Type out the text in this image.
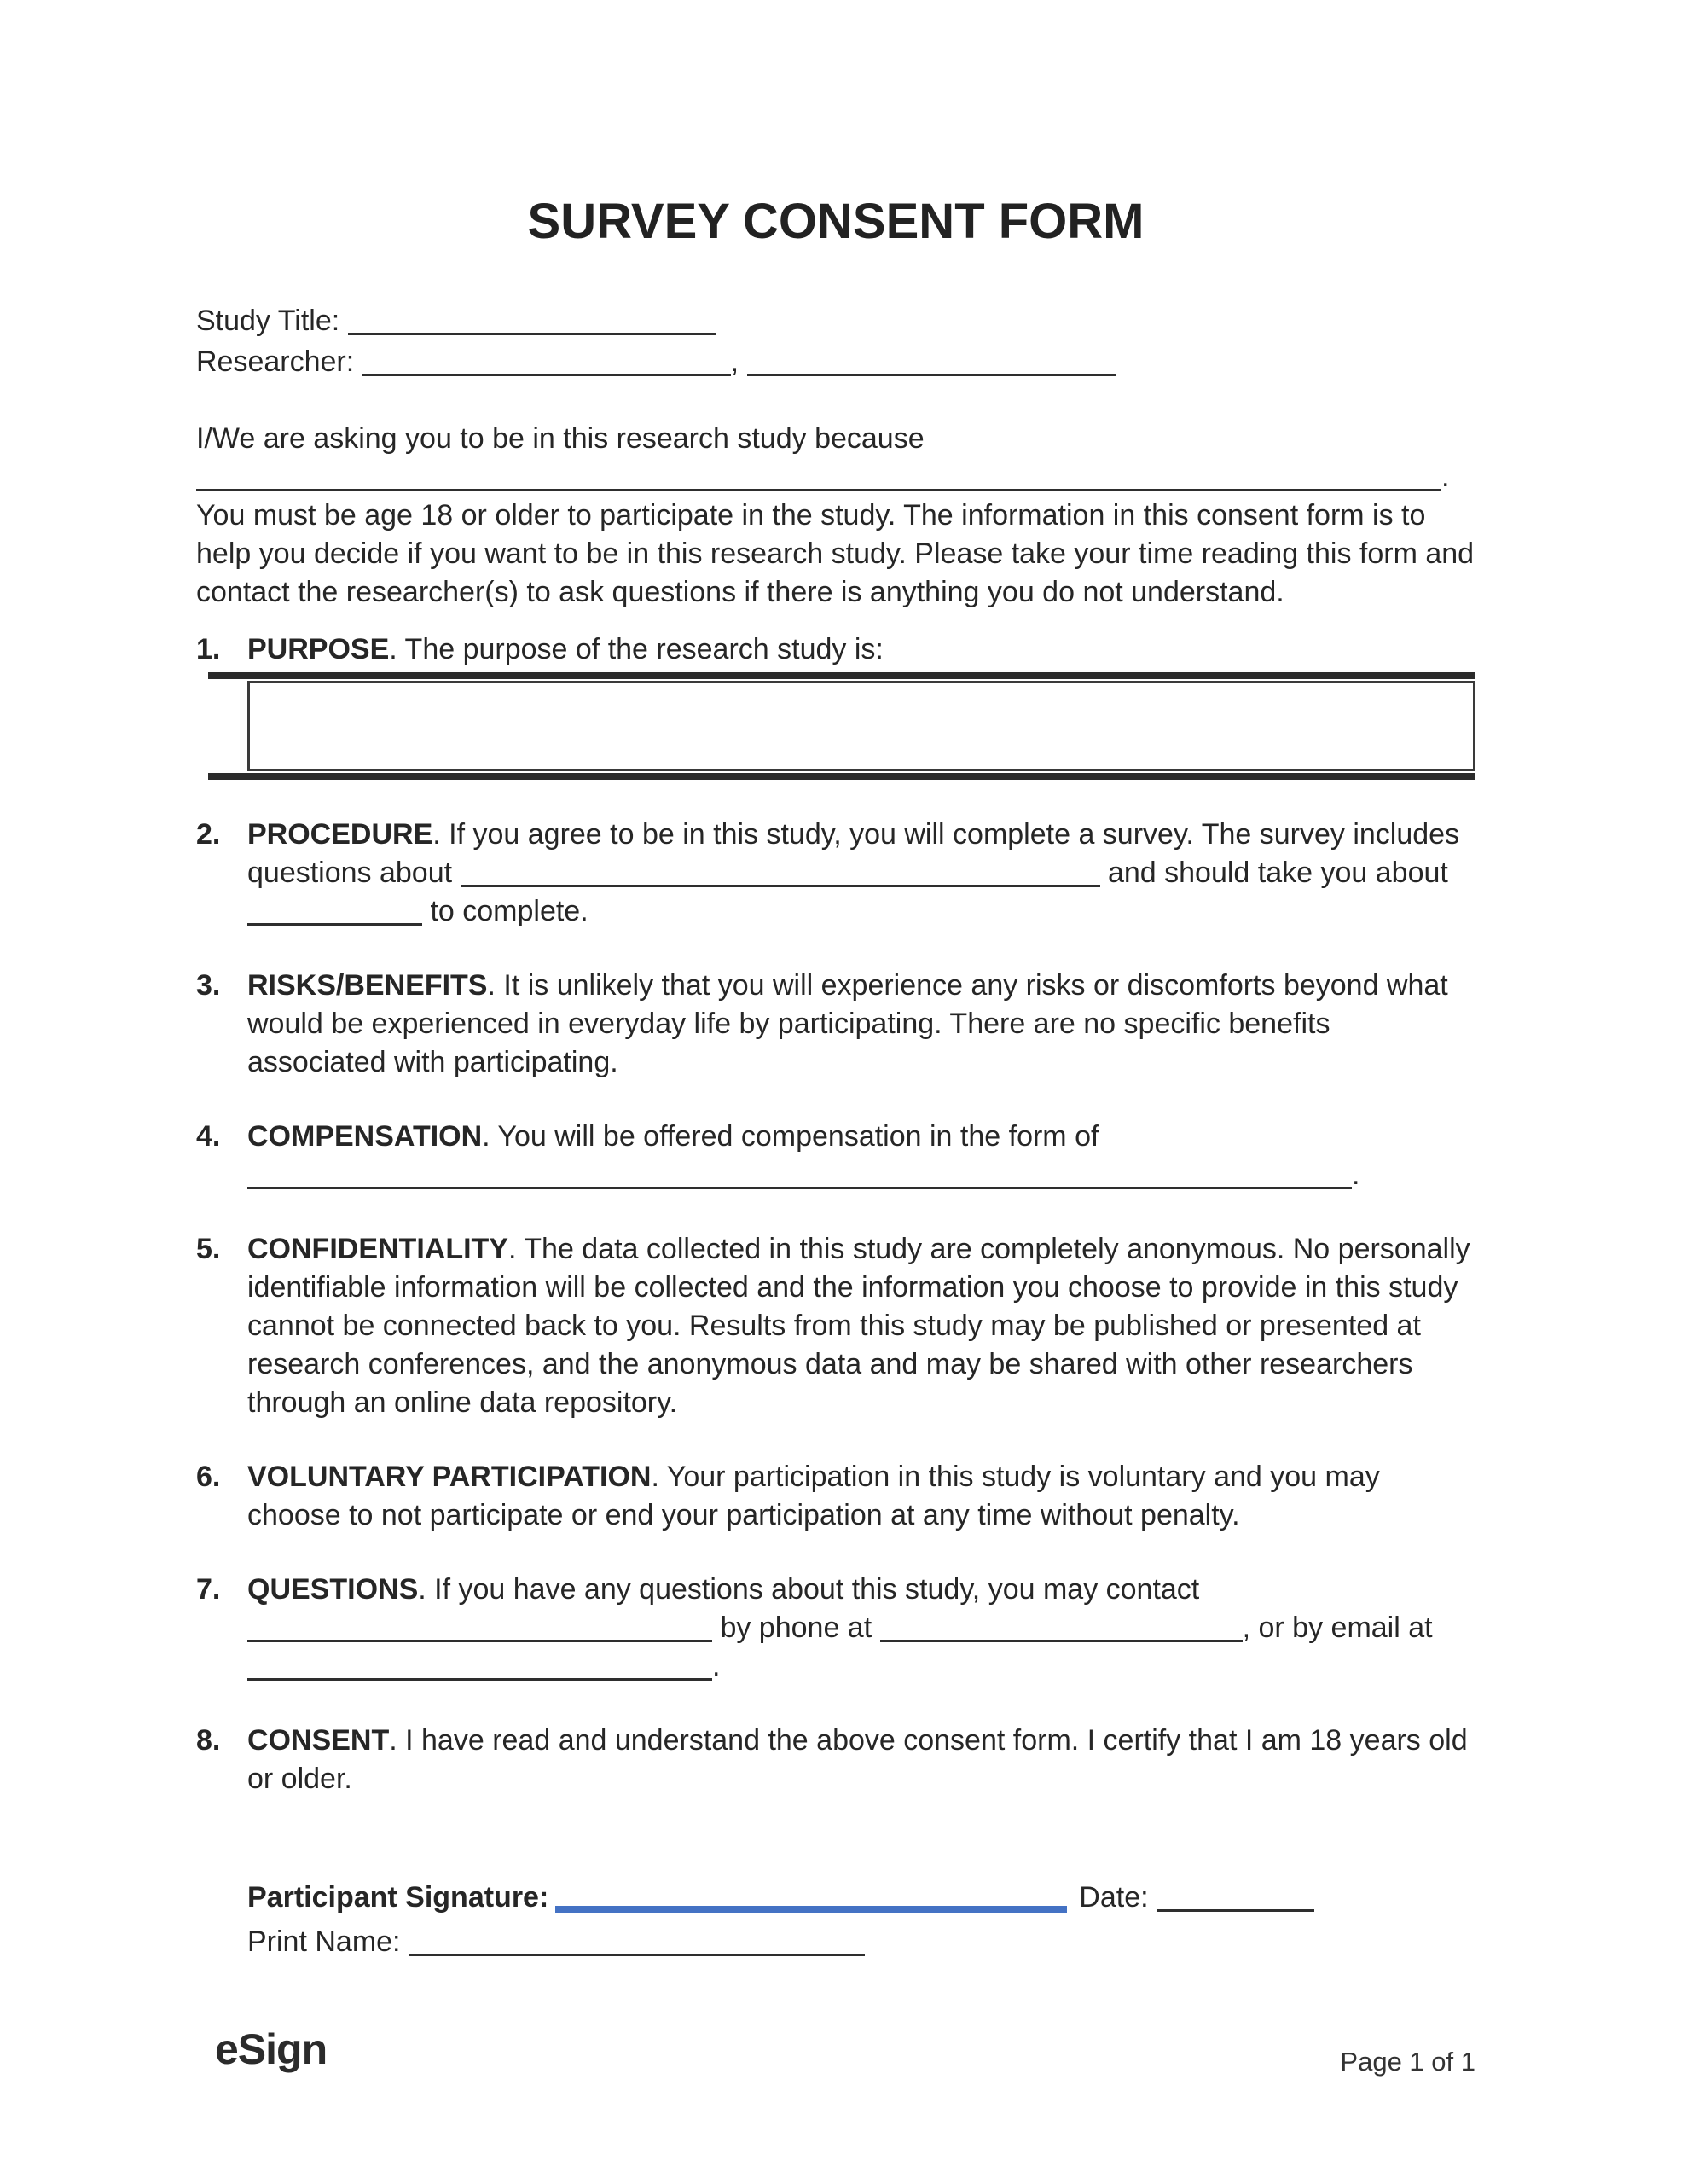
SURVEY CONSENT FORM
Study Title:
Researcher:	,
I/We are asking you to be in this research study because . You must be age 18 or older to participate in the study. The information in this consent form is to help you decide if you want to be in this research study. Please take your time reading this form and contact the researcher(s) to ask questions if there is anything you do not understand.
1. PURPOSE. The purpose of the research study is:
2. PROCEDURE. If you agree to be in this study, you will complete a survey. The survey includes questions about	and should take you about  to complete.
3. RISKS/BENEFITS. It is unlikely that you will experience any risks or discomforts beyond what would be experienced in everyday life by participating. There are no specific benefits associated with participating.
4. COMPENSATION. You will be offered compensation in the form of .
5. CONFIDENTIALITY. The data collected in this study are completely anonymous. No personally identifiable information will be collected and the information you choose to provide in this study cannot be connected back to you. Results from this study may be published or presented at research conferences, and the anonymous data and may be shared with other researchers through an online data repository.
6. VOLUNTARY PARTICIPATION. Your participation in this study is voluntary and you may choose to not participate or end your participation at any time without penalty.
7. QUESTIONS. If you have any questions about this study, you may contact  by phone at	, or by email at .
8. CONSENT. I have read and understand the above consent form. I certify that I am 18 years old or older.
Participant Signature:	Date:
Print Name:
eSign	Page 1 of 1
